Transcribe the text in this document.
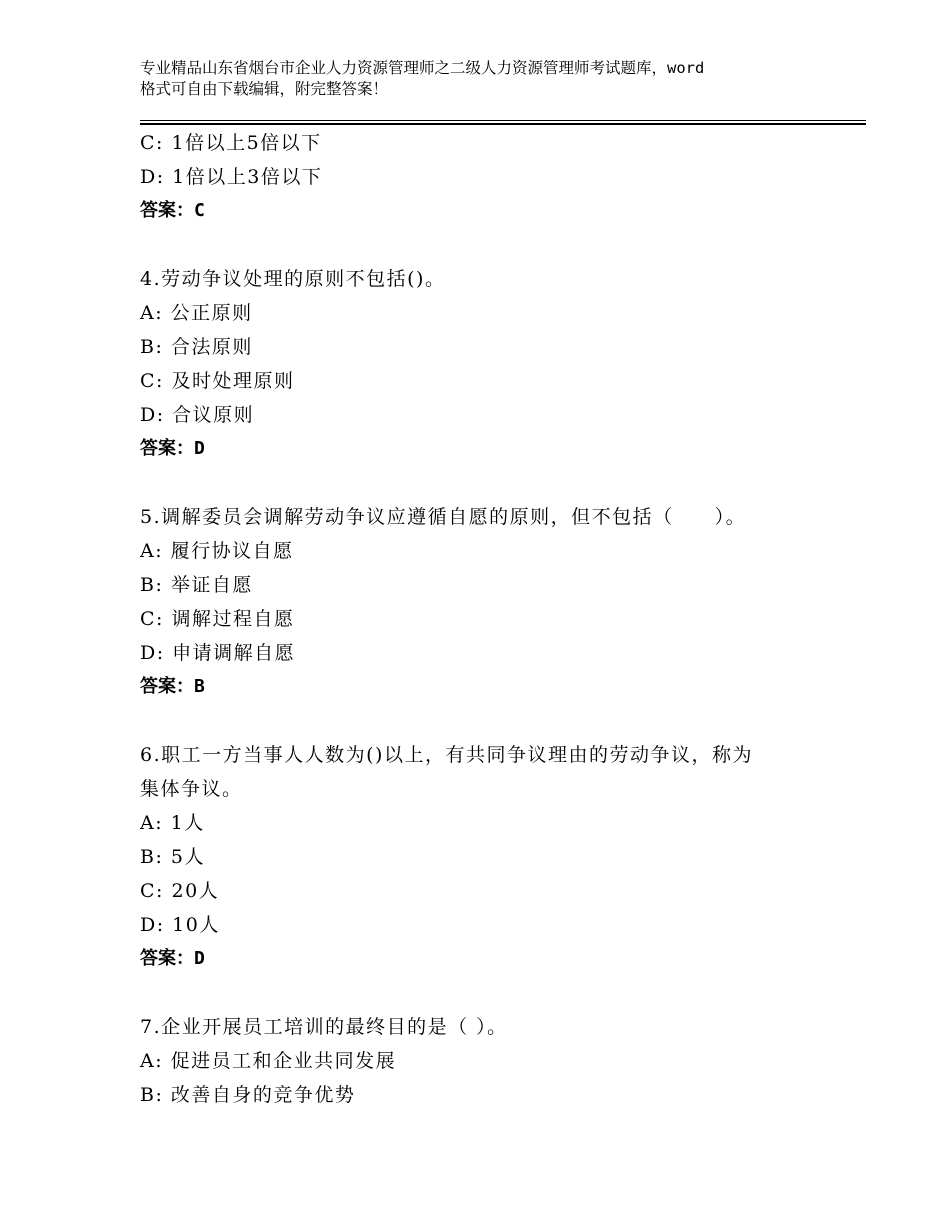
专业精品山东省烟台市企业人力资源管理师之二级人力资源管理师考试题库，word
格式可自由下载编辑，附完整答案！
C: 1倍以上5倍以下
D: 1倍以上3倍以下
答案：C
4.劳动争议处理的原则不包括()。
A: 公正原则
B: 合法原则
C: 及时处理原则
D: 合议原则
答案：D
5.调解委员会调解劳动争议应遵循自愿的原则，但不包括（　　）。
A: 履行协议自愿
B: 举证自愿
C: 调解过程自愿
D: 申请调解自愿
答案：B
6.职工一方当事人人数为()以上，有共同争议理由的劳动争议，称为
集体争议。
A: 1人
B: 5人
C: 20人
D: 10人
答案：D
7.企业开展员工培训的最终目的是（ ）。
A: 促进员工和企业共同发展
B: 改善自身的竞争优势
